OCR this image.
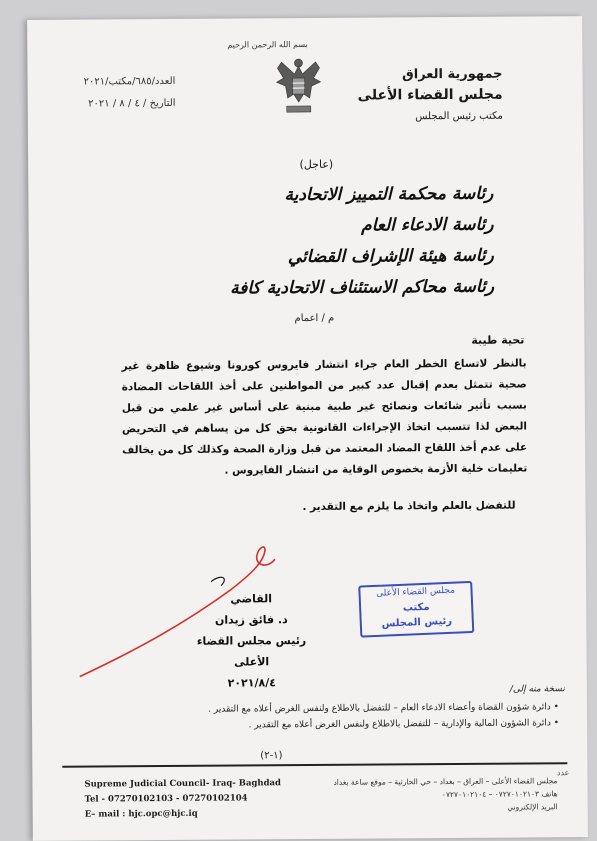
بسم الله الرحمن الرحيم
جمهورية العراق
مجلس القضاء الأعلى
مكتب رئيس المجلس
العدد/٦٨٥/مكتب/٢٠٢١
التاريخ / ٤ / ٨ / ٢٠٢١
(عاجل)
رئاسة محكمة التمييز الاتحادية
رئاسة الادعاء العام
رئاسة هيئة الإشراف القضائي
رئاسة محاكم الاستئناف الاتحادية كافة
م / اعمام
تحية طيبة
بالنظر لاتساع الخطر العام جراء انتشار فايروس كورونا وشيوع ظاهرة غير صحية تتمثل بعدم إقبال عدد كبير من المواطنين على أخذ اللقاحات المضادة بسبب تأثير شائعات ونصائح غير طبية مبنية على أساس غير علمي من قبل البعض لذا تتسبب اتخاذ الإجراءات القانونية بحق كل من يساهم في التحريض على عدم أخذ اللقاح المضاد المعتمد من قبل وزارة الصحة وكذلك كل من يخالف تعليمات خلية الأزمة بخصوص الوقاية من انتشار الفايروس .
للتفضل بالعلم واتخاذ ما يلزم مع التقدير .
مجلس القضاء الأعلى
مكتب
رئيس المجلس
القاضي
د. فائق زيدان
رئيس مجلس القضاء الأعلى
٢٠٢١/٨/٤	نسخة منه إلى/
• دائرة شؤون القضاة وأعضاء الادعاء العام – للتفضل بالاطلاع ولنفس الغرض أعلاه مع التقدير .
• دائرة الشؤون المالية والإدارية – للتفضل بالاطلاع ولنفس الغرض أعلاه مع التقدير .
(١-٢)
Supreme Judicial Council- Iraq- Baghdad
Tel - 07270102103 - 07270102104
E– mail : hjc.opc@hjc.iq
مجلس القضاء الأعلى – العراق – بغداد – حي الحارثية – موقع ساعة بغداد
هاتف ٠٧٢٧٠١٠٢١٠٣ – ٠٧٢٧٠١٠٢١٠٤
البريد الإلكتروني
عدد
